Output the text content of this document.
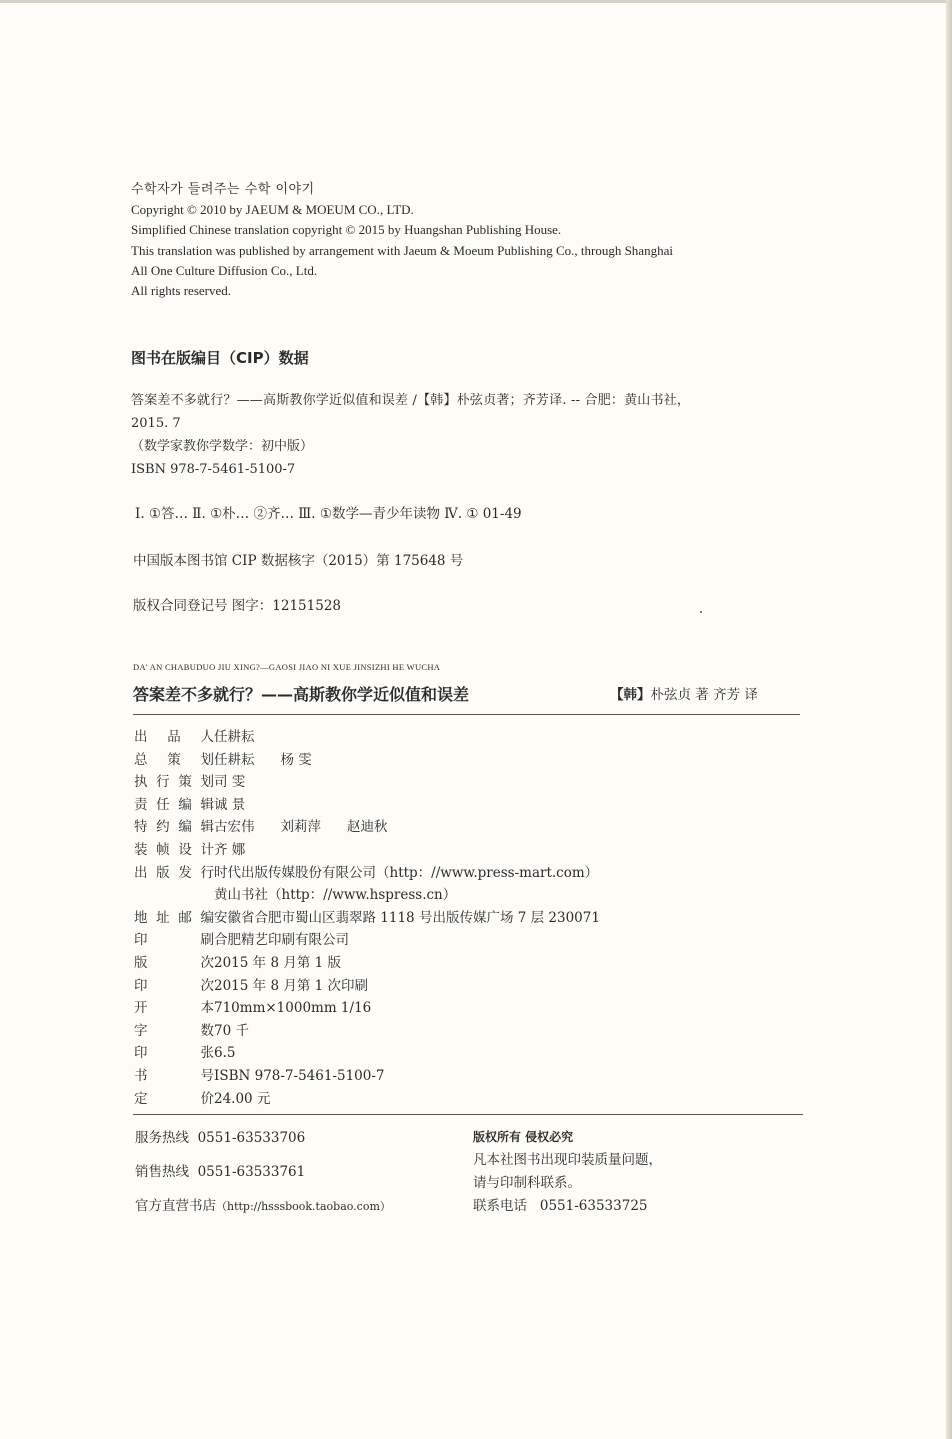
수학자가 들려주는 수학 이야기
Copyright © 2010 by JAEUM & MOEUM CO., LTD.
Simplified Chinese translation copyright © 2015 by Huangshan Publishing House.
This translation was published by arrangement with Jaeum & Moeum Publishing Co., through Shanghai
All One Culture Diffusion Co., Ltd.
All rights reserved.
图书在版编目（CIP）数据
答案差不多就行？——高斯教你学近似值和误差 /【韩】朴弦贞著；齐芳译. -- 合肥：黄山书社，
2015. 7
（数学家教你学数学：初中版）
ISBN 978-7-5461-5100-7
Ⅰ. ①答… Ⅱ. ①朴… ②齐… Ⅲ. ①数学—青少年读物 Ⅳ. ① 01-49
中国版本图书馆 CIP 数据核字（2015）第 175648 号
版权合同登记号 图字：12151528
DA' AN CHABUDUO JIU XING?—GAOSI JIAO NI XUE JINSIZHI HE WUCHA
答案差不多就行？——高斯教你学近似值和误差	【韩】朴弦贞 著 齐芳 译
出品人 任耕耘
总策划 任耕耘 杨 雯
执行策划 司 雯
责任编辑 诚 景
特约编辑 古宏伟 刘莉萍 赵迪秋
装帧设计 齐 娜
出版发行 时代出版传媒股份有限公司（http：//www.press-mart.com）
黄山书社（http：//www.hspress.cn）
地址邮编 安徽省合肥市蜀山区翡翠路 1118 号出版传媒广场 7 层 230071
印刷 合肥精艺印刷有限公司
版次 2015 年 8 月第 1 版
印次 2015 年 8 月第 1 次印刷
开本 710mm×1000mm 1/16
字数 70 千
印张 6.5
书号 ISBN 978-7-5461-5100-7
定价 24.00 元
服务热线 0551-63533706
销售热线 0551-63533761
官方直营书店（http://hsssbook.taobao.com）
版权所有 侵权必究
凡本社图书出现印装质量问题，
请与印制科联系。
联系电话 0551-63533725
